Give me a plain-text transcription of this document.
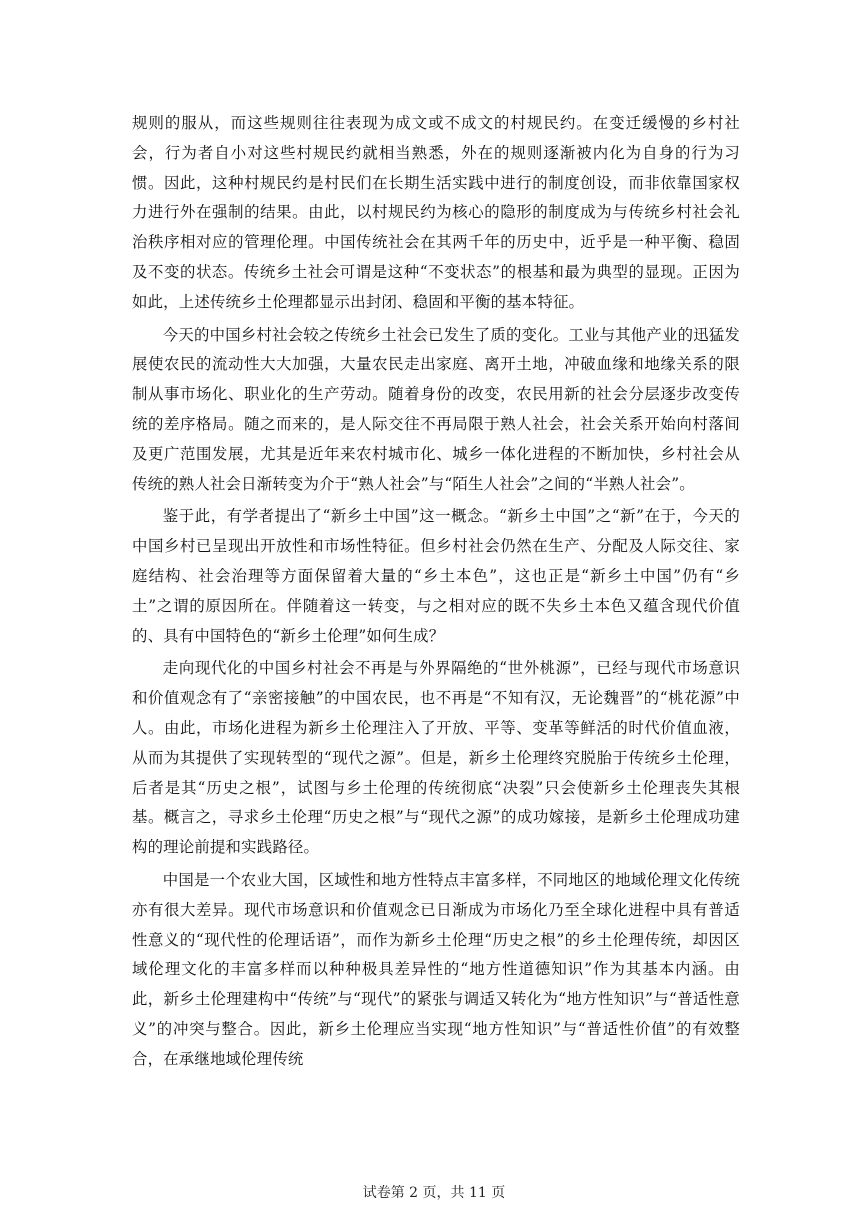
规则的服从，而这些规则往往表现为成文或不成文的村规民约。在变迁缓慢的乡村社会，行为者自小对这些村规民约就相当熟悉，外在的规则逐渐被内化为自身的行为习惯。因此，这种村规民约是村民们在长期生活实践中进行的制度创设，而非依靠国家权力进行外在强制的结果。由此，以村规民约为核心的隐形的制度成为与传统乡村社会礼治秩序相对应的管理伦理。中国传统社会在其两千年的历史中，近乎是一种平衡、稳固及不变的状态。传统乡土社会可谓是这种“不变状态”的根基和最为典型的显现。正因为如此，上述传统乡土伦理都显示出封闭、稳固和平衡的基本特征。

今天的中国乡村社会较之传统乡土社会已发生了质的变化。工业与其他产业的迅猛发展使农民的流动性大大加强，大量农民走出家庭、离开土地，冲破血缘和地缘关系的限制从事市场化、职业化的生产劳动。随着身份的改变，农民用新的社会分层逐步改变传统的差序格局。随之而来的，是人际交往不再局限于熟人社会，社会关系开始向村落间及更广范围发展，尤其是近年来农村城市化、城乡一体化进程的不断加快，乡村社会从传统的熟人社会日渐转变为介于“熟人社会”与“陌生人社会”之间的“半熟人社会”。

鉴于此，有学者提出了“新乡土中国”这一概念。“新乡土中国”之“新”在于，今天的中国乡村已呈现出开放性和市场性特征。但乡村社会仍然在生产、分配及人际交往、家庭结构、社会治理等方面保留着大量的“乡土本色”，这也正是“新乡土中国”仍有“乡土”之谓的原因所在。伴随着这一转变，与之相对应的既不失乡土本色又蕴含现代价值的、具有中国特色的“新乡土伦理”如何生成？

走向现代化的中国乡村社会不再是与外界隔绝的“世外桃源”，已经与现代市场意识和价值观念有了“亲密接触”的中国农民，也不再是“不知有汉，无论魏晋”的“桃花源”中人。由此，市场化进程为新乡土伦理注入了开放、平等、变革等鲜活的时代价值血液，从而为其提供了实现转型的“现代之源”。但是，新乡土伦理终究脱胎于传统乡土伦理，后者是其“历史之根”，试图与乡土伦理的传统彻底“决裂”只会使新乡土伦理丧失其根基。概言之，寻求乡土伦理“历史之根”与“现代之源”的成功嫁接，是新乡土伦理成功建构的理论前提和实践路径。

中国是一个农业大国，区域性和地方性特点丰富多样，不同地区的地域伦理文化传统亦有很大差异。现代市场意识和价值观念已日渐成为市场化乃至全球化进程中具有普适性意义的“现代性的伦理话语”，而作为新乡土伦理“历史之根”的乡土伦理传统，却因区域伦理文化的丰富多样而以种种极具差异性的“地方性道德知识”作为其基本内涵。由此，新乡土伦理建构中“传统”与“现代”的紧张与调适又转化为“地方性知识”与“普适性意义”的冲突与整合。因此，新乡土伦理应当实现“地方性知识”与“普适性价值”的有效整合，在承继地域伦理传统

试卷第 2 页，共 11 页
